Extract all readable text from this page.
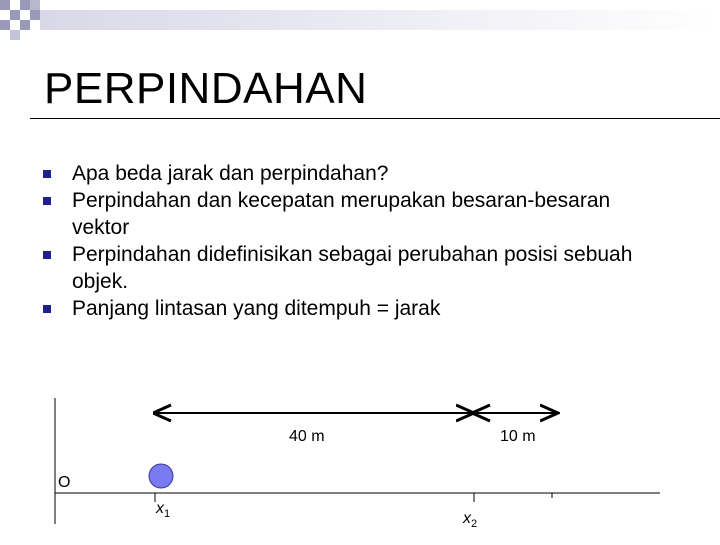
PERPINDAHAN
Apa beda jarak dan perpindahan?
Perpindahan dan kecepatan merupakan besaran-besaran vektor
Perpindahan didefinisikan sebagai perubahan posisi sebuah objek.
Panjang lintasan yang ditempuh = jarak
40 m	10 m
O
$x_1$	$x_2$
